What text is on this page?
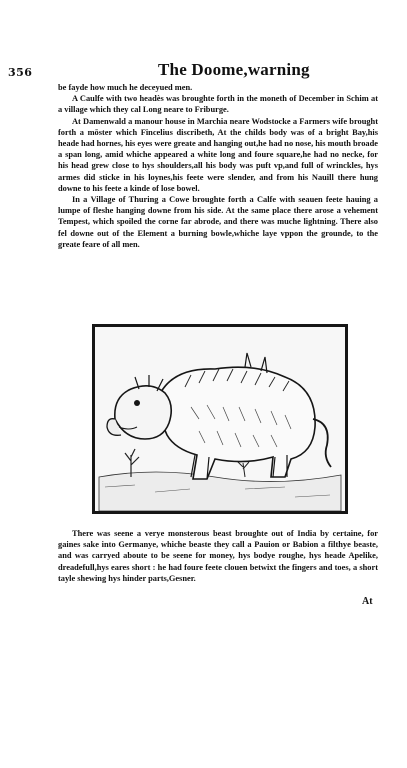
356	The Doome,warning

be fayde how much he deceyued men.

A Caulfe with two headès was broughte forth in the moneth of December in Schim at a village which they cal Long neare to Friburge.

At Damenwald a manour house in Marchia neare Wodstocke a Farmers wife brought forth a mōster which Fincelius discribeth, At the childs body was of a bright Bay,his heade had hornes, his eyes were greate and hanging out,he had no nose, his mouth broade a span long, amid whiche appeared a white long and foure square,he had no necke, for his head grew close to hys shoulders,all his body was puft vp,and full of wrinckles, hys armes did sticke in his loynes,his feete were slender, and from his Nauill there hung downe to his feete a kinde of lose bowel.

In a Village of Thuring a Cowe broughte forth a Calfe with seauen feete hauing a lumpe of fleshe hanging downe from his side. At the same place there arose a vehement Tempest, which spoiled the corne far abrode, and there was muche lightning. There also fel downe out of the Element a burning bowle,whiche laye vppon the grounde, to the greate feare of all men.

There was seene a verye monsterous beast broughte out of India by certaine, for gaines sake into Germanye, whiche beaste they call a Pauion or Babion a filthye beaste, and was carryed aboute to be seene for money, hys bodye roughe, hys heade Apelike, dreadefull,hys eares short : he had foure feete clouen betwixt the fingers and toes, a short tayle shewing hys hinder parts,Gesner.

At
